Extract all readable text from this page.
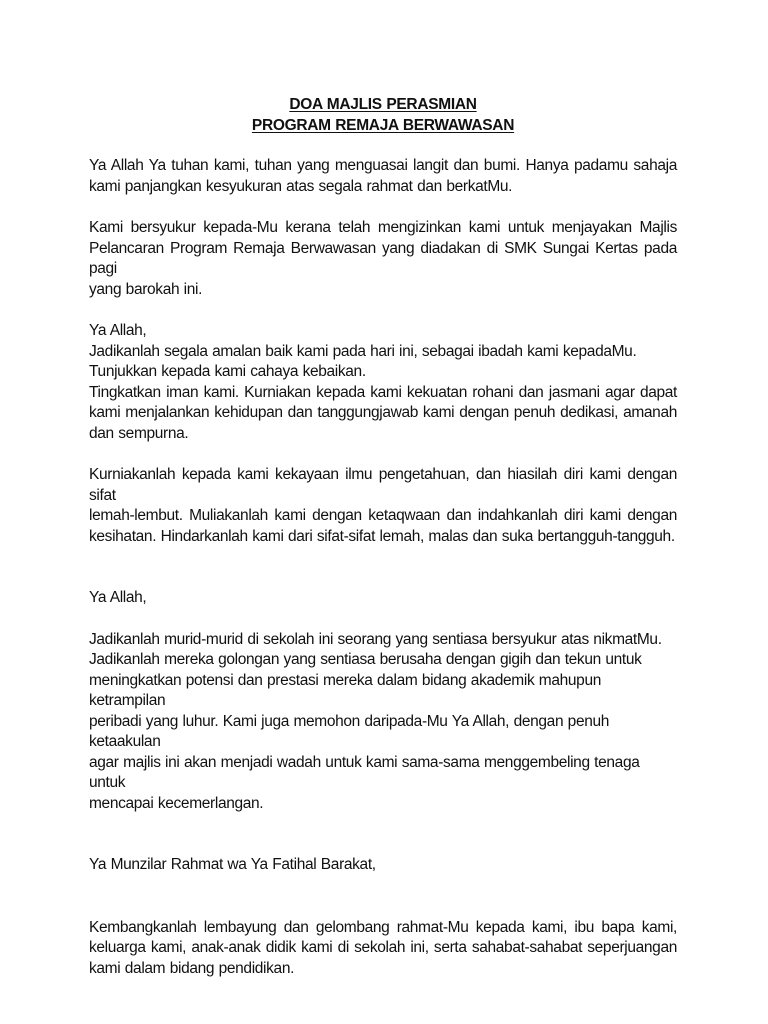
DOA MAJLIS PERASMIAN
PROGRAM REMAJA BERWAWASAN

Ya Allah Ya tuhan kami, tuhan yang menguasai langit dan bumi. Hanya padamu sahaja
kami panjangkan kesyukuran atas segala rahmat dan berkatMu.

Kami bersyukur kepada-Mu kerana telah mengizinkan kami untuk menjayakan Majlis
Pelancaran Program Remaja Berwawasan yang diadakan di SMK Sungai Kertas pada pagi
yang barokah ini.

Ya Allah,
Jadikanlah segala amalan baik kami pada hari ini, sebagai ibadah kami kepadaMu.
Tunjukkan kepada kami cahaya kebaikan.
Tingkatkan iman kami. Kurniakan kepada kami kekuatan rohani dan jasmani agar dapat
kami menjalankan kehidupan dan tanggungjawab kami dengan penuh dedikasi, amanah
dan sempurna.

Kurniakanlah kepada kami kekayaan ilmu pengetahuan, dan hiasilah diri kami dengan sifat
lemah-lembut. Muliakanlah kami dengan ketaqwaan dan indahkanlah diri kami dengan
kesihatan. Hindarkanlah kami dari sifat-sifat lemah, malas dan suka bertangguh-tangguh.

Ya Allah,

Jadikanlah murid-murid di sekolah ini seorang yang sentiasa bersyukur atas nikmatMu.
Jadikanlah mereka golongan yang sentiasa berusaha dengan gigih dan tekun untuk
meningkatkan potensi dan prestasi mereka dalam bidang akademik mahupun ketrampilan
peribadi yang luhur. Kami juga memohon daripada-Mu Ya Allah, dengan penuh ketaakulan
agar majlis ini akan menjadi wadah untuk kami sama-sama menggembeling tenaga untuk
mencapai kecemerlangan.

Ya Munzilar Rahmat wa Ya Fatihal Barakat,

Kembangkanlah lembayung dan gelombang rahmat-Mu kepada kami, ibu bapa kami,
keluarga kami, anak-anak didik kami di sekolah ini, serta sahabat-sahabat seperjuangan
kami dalam bidang pendidikan.
